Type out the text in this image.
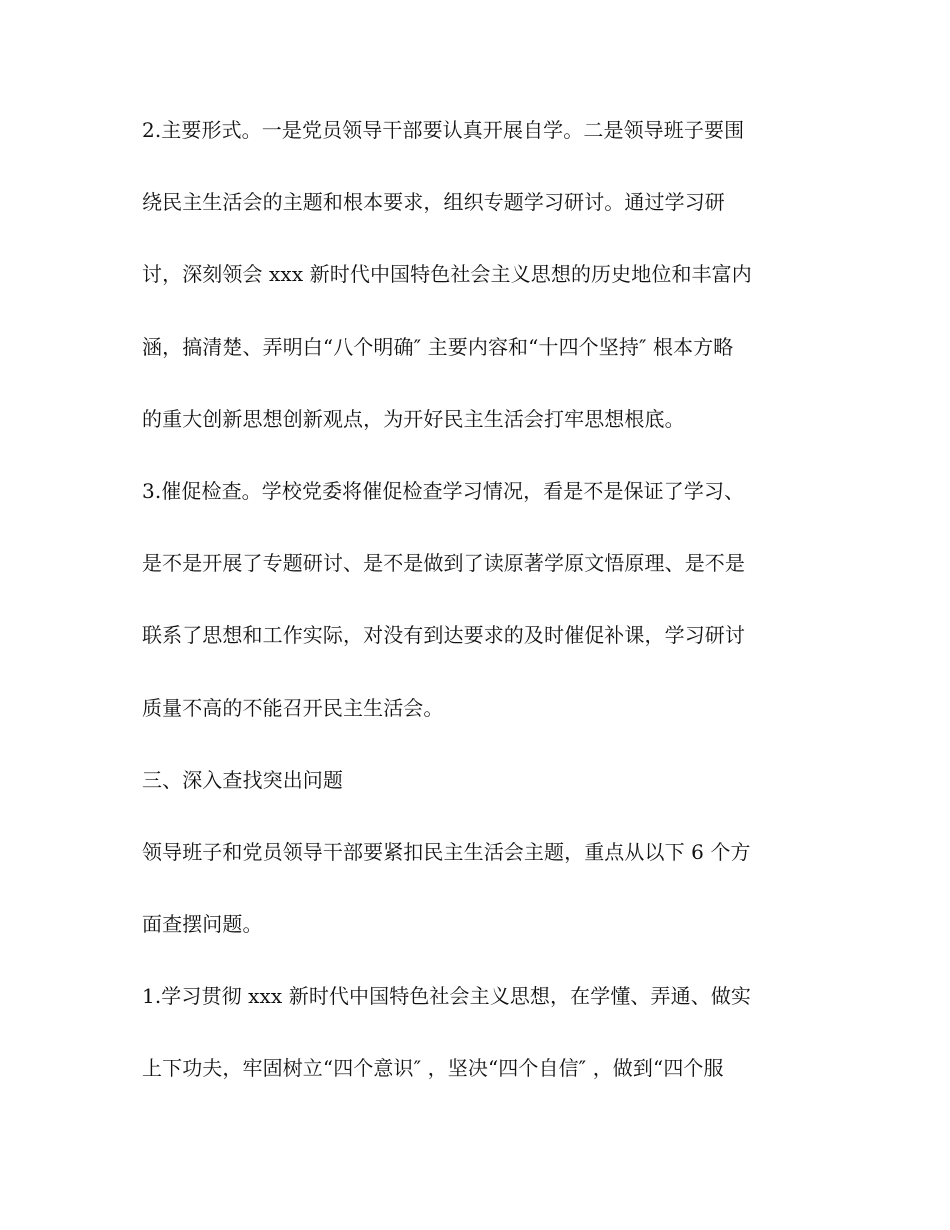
2.主要形式。一是党员领导干部要认真开展自学。二是领导班子要围
绕民主生活会的主题和根本要求，组织专题学习研讨。通过学习研
讨，深刻领会 xxx 新时代中国特色社会主义思想的历史地位和丰富内
涵，搞清楚、弄明白“八个明确″ 主要内容和“十四个坚持″ 根本方略
的重大创新思想创新观点，为开好民主生活会打牢思想根底。
3.催促检查。学校党委将催促检查学习情况，看是不是保证了学习、
是不是开展了专题研讨、是不是做到了读原著学原文悟原理、是不是
联系了思想和工作实际，对没有到达要求的及时催促补课，学习研讨
质量不高的不能召开民主生活会。
三、深入查找突出问题
领导班子和党员领导干部要紧扣民主生活会主题，重点从以下 6 个方
面查摆问题。
1.学习贯彻 xxx 新时代中国特色社会主义思想，在学懂、弄通、做实
上下功夫，牢固树立“四个意识″ ，坚决“四个自信″ ，做到“四个服
